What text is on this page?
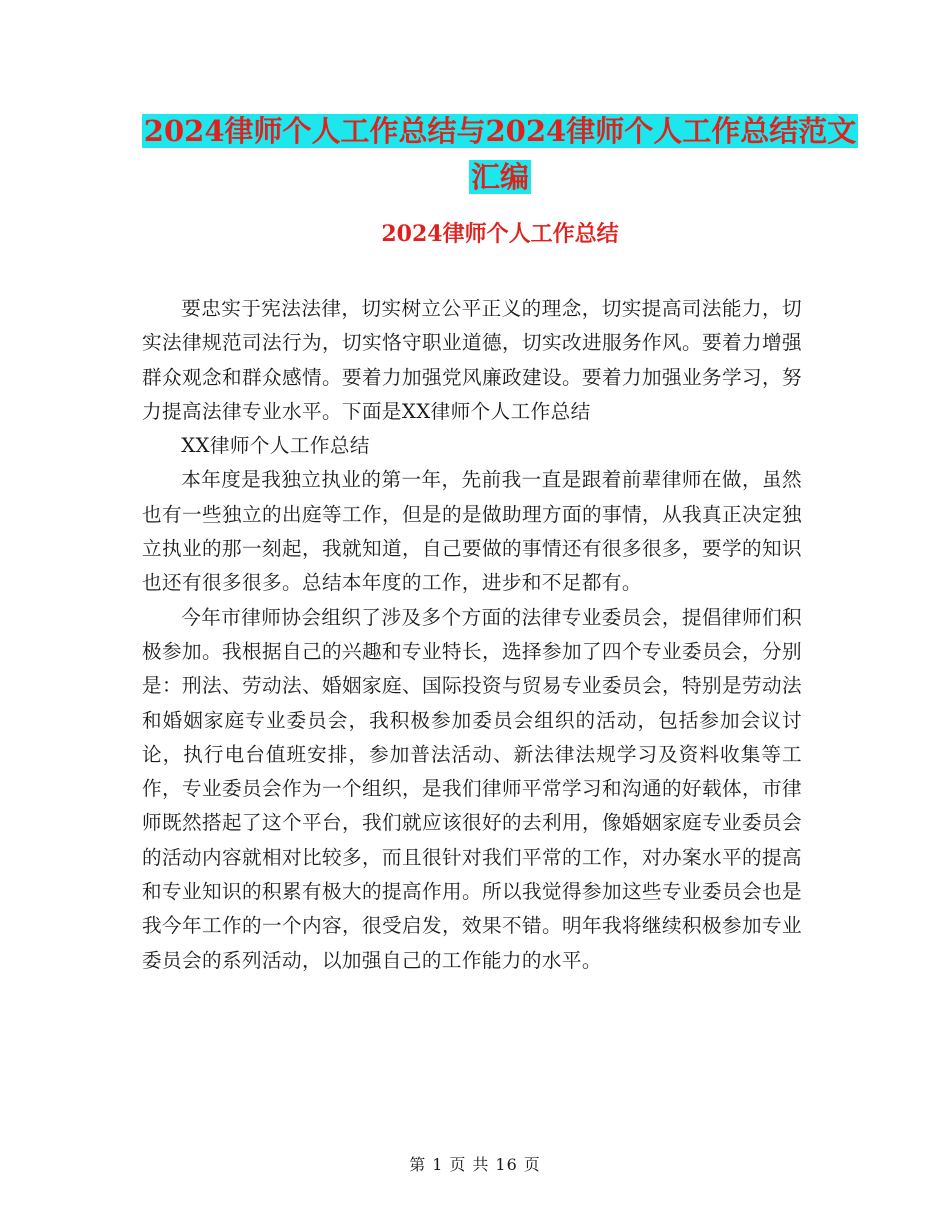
2024律师个人工作总结与2024律师个人工作总结范文
汇编
2024律师个人工作总结

要忠实于宪法法律，切实树立公平正义的理念，切实提高司法能力，切实法律规范司法行为，切实恪守职业道德，切实改进服务作风。要着力增强群众观念和群众感情。要着力加强党风廉政建设。要着力加强业务学习，努力提高法律专业水平。下面是XX律师个人工作总结

XX律师个人工作总结

本年度是我独立执业的第一年，先前我一直是跟着前辈律师在做，虽然也有一些独立的出庭等工作，但是的是做助理方面的事情，从我真正决定独立执业的那一刻起，我就知道，自己要做的事情还有很多很多，要学的知识也还有很多很多。总结本年度的工作，进步和不足都有。

今年市律师协会组织了涉及多个方面的法律专业委员会，提倡律师们积极参加。我根据自己的兴趣和专业特长，选择参加了四个专业委员会，分别是：刑法、劳动法、婚姻家庭、国际投资与贸易专业委员会，特别是劳动法和婚姻家庭专业委员会，我积极参加委员会组织的活动，包括参加会议讨论，执行电台值班安排，参加普法活动、新法律法规学习及资料收集等工作，专业委员会作为一个组织，是我们律师平常学习和沟通的好载体，市律师既然搭起了这个平台，我们就应该很好的去利用，像婚姻家庭专业委员会的活动内容就相对比较多，而且很针对我们平常的工作，对办案水平的提高和专业知识的积累有极大的提高作用。所以我觉得参加这些专业委员会也是我今年工作的一个内容，很受启发，效果不错。明年我将继续积极参加专业委员会的系列活动，以加强自己的工作能力的水平。

第 1 页 共 16 页
